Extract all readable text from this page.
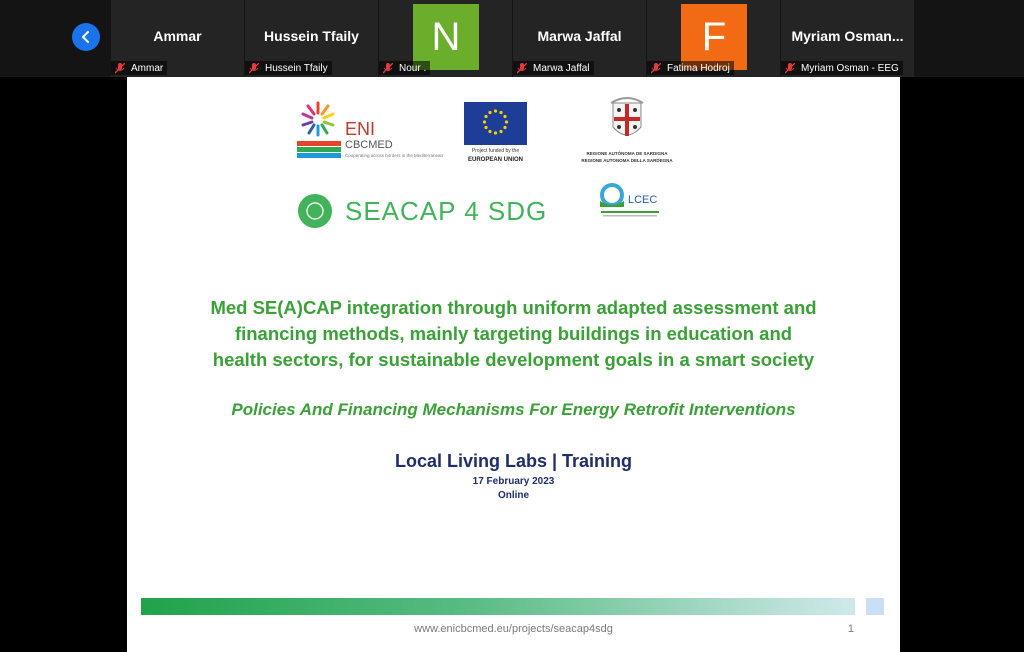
Ammar
Ammar
Hussein Tfaily
Hussein Tfaily
N
Nour .
Marwa Jaffal
Marwa Jaffal
F
Fatima Hodroj
Myriam Osman...
Myriam Osman - EEG
ENI
CBCMED
Cooperating across borders in the Mediterranean
Project funded by the
EUROPEAN UNION
REGIONE AUTÒNOMA DE SARDIGNA
REGIONE AUTONOMA DELLA SARDEGNA
SEACAP 4 SDG	LCEC
Med SE(A)CAP integration through uniform adapted assessment and
financing methods, mainly targeting buildings in education and
health sectors, for sustainable development goals in a smart society
Policies And Financing Mechanisms For Energy Retrofit Interventions
Local Living Labs | Training
17 February 2023
Online
www.enicbcmed.eu/projects/seacap4sdg	1
